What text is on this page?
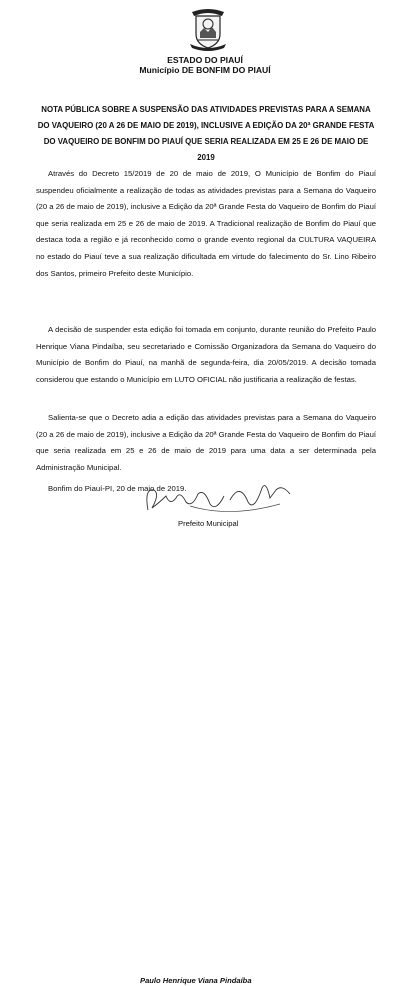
ESTADO DO PIAUÍ
Município DE BONFIM DO PIAUÍ
NOTA PÚBLICA SOBRE A SUSPENSÃO DAS ATIVIDADES PREVISTAS PARA A SEMANA DO VAQUEIRO (20 A 26 DE MAIO DE 2019), INCLUSIVE A EDIÇÃO DA 20ª GRANDE FESTA DO VAQUEIRO DE BONFIM DO PIAUÍ QUE SERIA REALIZADA EM 25 E 26 DE MAIO DE 2019
Através do Decreto 15/2019 de 20 de maio de 2019, O Município de Bonfim do Piauí suspendeu oficialmente a realização de todas as atividades previstas para a Semana do Vaqueiro (20 a 26 de maio de 2019), inclusive a Edição da 20ª Grande Festa do Vaqueiro de Bonfim do Piauí que seria realizada em 25 e 26 de maio de 2019. A Tradicional realização de Bonfim do Piauí que destaca toda a região e já reconhecido como o grande evento regional da CULTURA VAQUEIRA no estado do Piauí teve a sua realização dificultada em virtude do falecimento do Sr. Lino Ribeiro dos Santos, primeiro Prefeito deste Município.
A decisão de suspender esta edição foi tomada em conjunto, durante reunião do Prefeito Paulo Henrique Viana Pindaíba, seu secretariado e Comissão Organizadora da Semana do Vaqueiro do Município de Bonfim do Piauí, na manhã de segunda-feira, dia 20/05/2019. A decisão tomada considerou que estando o Município em LUTO OFICIAL não justificaria a realização de festas.
Salienta-se que o Decreto adia a edição das atividades previstas para a Semana do Vaqueiro (20 a 26 de maio de 2019), inclusive a Edição da 20ª Grande Festa do Vaqueiro de Bonfim do Piauí que seria realizada em 25 e 26 de maio de 2019 para uma data a ser determinada pela Administração Municipal.
Bonfim do Piauí-PI, 20 de maio de 2019.
Paulo Henrique Viana Pindaíba
Prefeito Municipal
